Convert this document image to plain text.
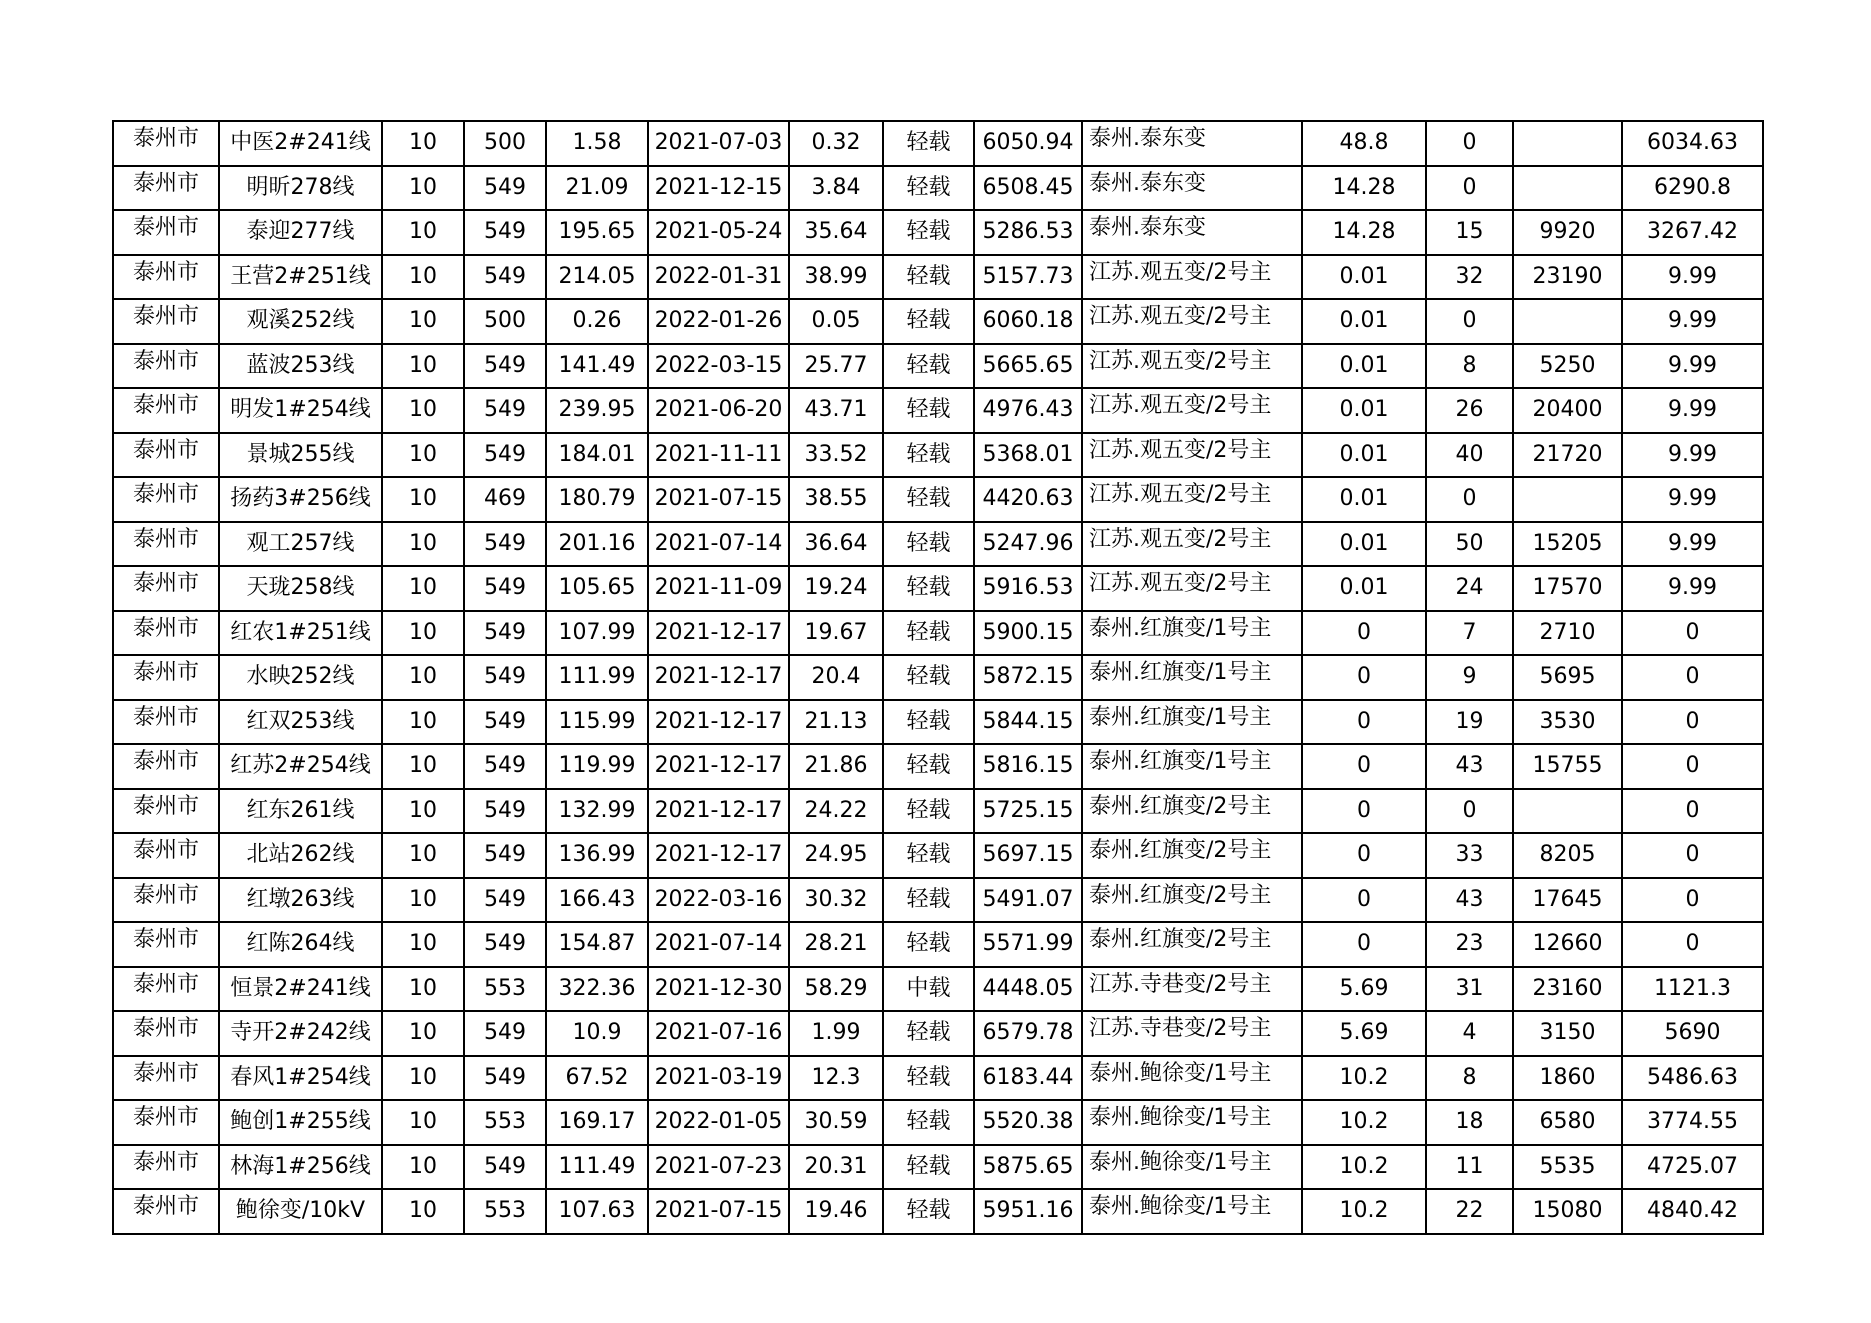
泰州市	中医2#241线	10	500	1.58	2021-07-03	0.32	轻载	6050.94	泰州.泰东变	48.8	0		6034.63
泰州市	明昕278线	10	549	21.09	2021-12-15	3.84	轻载	6508.45	泰州.泰东变	14.28	0		6290.8
泰州市	泰迎277线	10	549	195.65	2021-05-24	35.64	轻载	5286.53	泰州.泰东变	14.28	15	9920	3267.42
泰州市	王营2#251线	10	549	214.05	2022-01-31	38.99	轻载	5157.73	江苏.观五变/2号主	0.01	32	23190	9.99
泰州市	观溪252线	10	500	0.26	2022-01-26	0.05	轻载	6060.18	江苏.观五变/2号主	0.01	0		9.99
泰州市	蓝波253线	10	549	141.49	2022-03-15	25.77	轻载	5665.65	江苏.观五变/2号主	0.01	8	5250	9.99
泰州市	明发1#254线	10	549	239.95	2021-06-20	43.71	轻载	4976.43	江苏.观五变/2号主	0.01	26	20400	9.99
泰州市	景城255线	10	549	184.01	2021-11-11	33.52	轻载	5368.01	江苏.观五变/2号主	0.01	40	21720	9.99
泰州市	扬药3#256线	10	469	180.79	2021-07-15	38.55	轻载	4420.63	江苏.观五变/2号主	0.01	0		9.99
泰州市	观工257线	10	549	201.16	2021-07-14	36.64	轻载	5247.96	江苏.观五变/2号主	0.01	50	15205	9.99
泰州市	天珑258线	10	549	105.65	2021-11-09	19.24	轻载	5916.53	江苏.观五变/2号主	0.01	24	17570	9.99
泰州市	红农1#251线	10	549	107.99	2021-12-17	19.67	轻载	5900.15	泰州.红旗变/1号主	0	7	2710	0
泰州市	水映252线	10	549	111.99	2021-12-17	20.4	轻载	5872.15	泰州.红旗变/1号主	0	9	5695	0
泰州市	红双253线	10	549	115.99	2021-12-17	21.13	轻载	5844.15	泰州.红旗变/1号主	0	19	3530	0
泰州市	红苏2#254线	10	549	119.99	2021-12-17	21.86	轻载	5816.15	泰州.红旗变/1号主	0	43	15755	0
泰州市	红东261线	10	549	132.99	2021-12-17	24.22	轻载	5725.15	泰州.红旗变/2号主	0	0		0
泰州市	北站262线	10	549	136.99	2021-12-17	24.95	轻载	5697.15	泰州.红旗变/2号主	0	33	8205	0
泰州市	红墩263线	10	549	166.43	2022-03-16	30.32	轻载	5491.07	泰州.红旗变/2号主	0	43	17645	0
泰州市	红陈264线	10	549	154.87	2021-07-14	28.21	轻载	5571.99	泰州.红旗变/2号主	0	23	12660	0
泰州市	恒景2#241线	10	553	322.36	2021-12-30	58.29	中载	4448.05	江苏.寺巷变/2号主	5.69	31	23160	1121.3
泰州市	寺开2#242线	10	549	10.9	2021-07-16	1.99	轻载	6579.78	江苏.寺巷变/2号主	5.69	4	3150	5690
泰州市	春风1#254线	10	549	67.52	2021-03-19	12.3	轻载	6183.44	泰州.鲍徐变/1号主	10.2	8	1860	5486.63
泰州市	鲍创1#255线	10	553	169.17	2022-01-05	30.59	轻载	5520.38	泰州.鲍徐变/1号主	10.2	18	6580	3774.55
泰州市	林海1#256线	10	549	111.49	2021-07-23	20.31	轻载	5875.65	泰州.鲍徐变/1号主	10.2	11	5535	4725.07
泰州市	鲍徐变/10kV	10	553	107.63	2021-07-15	19.46	轻载	5951.16	泰州.鲍徐变/1号主	10.2	22	15080	4840.42
